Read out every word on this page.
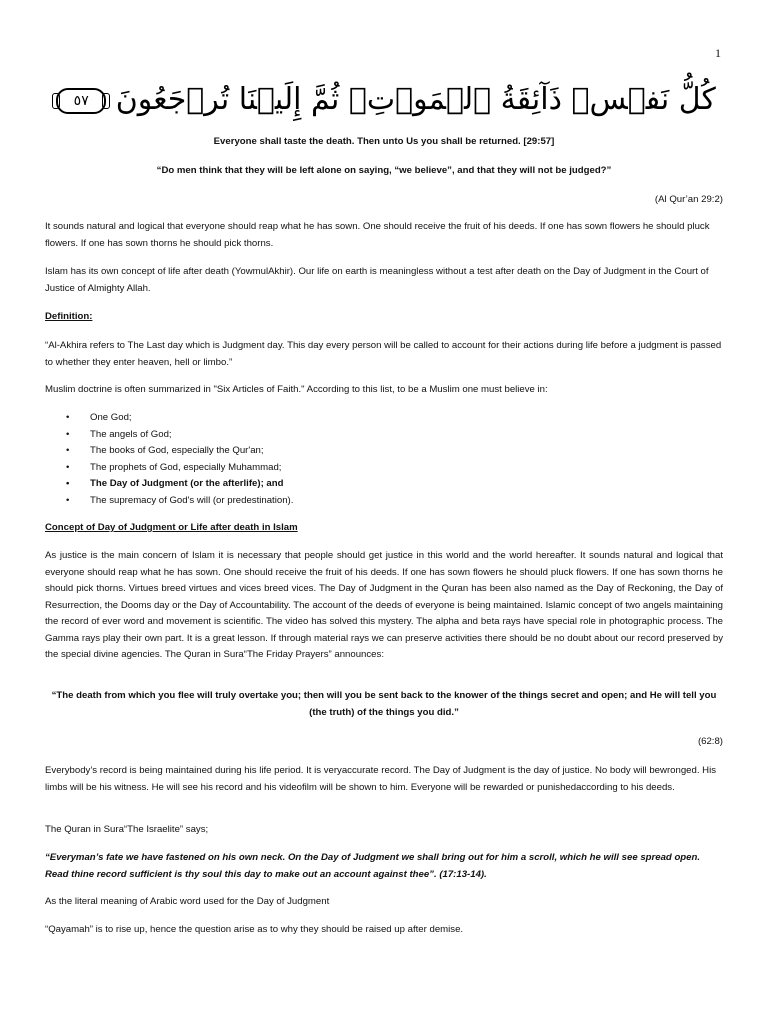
1
كُلُّ نَفۡسٖ ذَآئِقَةُ ٱلۡمَوۡتِۖ ثُمَّ إِلَيۡنَا تُرۡجَعُونَ ٥٧
Everyone shall taste the death. Then unto Us you shall be returned. [29:57]
“Do men think that they will be left alone on saying, “we believe”, and that they will not be judged?”
(Al Qur’an 29:2)
It sounds natural and logical that everyone should reap what he has sown. One should receive the fruit of his deeds. If one has sown flowers he should pluck flowers. If one has sown thorns he should pick thorns.
Islam has its own concept of life after death (YowmulAkhir). Our life on earth is meaningless without a test after death on the Day of Judgment in the Court of Justice of Almighty Allah.
Definition:
“Al-Akhira refers to The Last day which is Judgment day. This day every person will be called to account for their actions during life before a judgment is passed to whether they enter heaven, hell or limbo.”
Muslim doctrine is often summarized in "Six Articles of Faith." According to this list, to be a Muslim one must believe in:
• One God;
• The angels of God;
• The books of God, especially the Qur'an;
• The prophets of God, especially Muhammad;
• The Day of Judgment (or the afterlife); and
• The supremacy of God's will (or predestination).
Concept of Day of Judgment or Life after death in Islam
As justice is the main concern of Islam it is necessary that people should get justice in this world and the world hereafter. It sounds natural and logical that everyone should reap what he has sown. One should receive the fruit of his deeds. If one has sown flowers he should pluck flowers. If one has sown thorns he should pick thorns. Virtues breed virtues and vices breed vices. The Day of Judgment in the Quran has been also named as the Day of Reckoning, the Day of Resurrection, the Dooms day or the Day of Accountability. The account of the deeds of everyone is being maintained. Islamic concept of two angels maintaining the record of ever word and movement is scientific. The video has solved this mystery. The alpha and beta rays have special role in photographic process. The Gamma rays play their own part. It is a great lesson. If through material rays we can preserve activities there should be no doubt about our record preserved by the special divine agencies. The Quran in Sura“The Friday Prayers” announces:
“The death from which you flee will truly overtake you; then will you be sent back to the knower of the things secret and open; and He will tell you (the truth) of the things you did.”
(62:8)
Everybody’s record is being maintained during his life period. It is veryaccurate record. The Day of Judgment is the day of justice. No body will bewronged. His limbs will be his witness. He will see his record and his videofilm will be shown to him. Everyone will be rewarded or punishedaccording to his deeds.
The Quran in Sura“The Israelite” says;
“Everyman’s fate we have fastened on his own neck. On the Day of Judgment we shall bring out for him a scroll, which he will see spread open. Read thine record sufficient is thy soul this day to make out an account against thee”. (17:13-14).
As the literal meaning of Arabic word used for the Day of Judgment
“Qayamah” is to rise up, hence the question arise as to why they should be raised up after demise.
